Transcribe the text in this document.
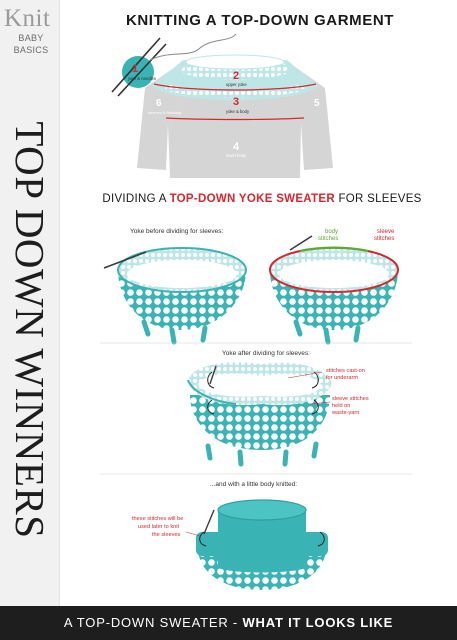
Knit
BABY
BASICS
TOP DOWN WINNERS
KNITTING A TOP-DOWN GARMENT
1
yarn & needles	2
upper yoke
3
yoke & body
4
lower body
5
6
sleeves & finishing
Yoke before dividing for sleeves:	body
stitches
sleeve
stitches
Yoke after dividing for sleeves:
stitches cast-on
for underarm
sleeve stitches
held on
waste-yarn
...and with a little body knitted:
these stitches will be
used later to knit
the sleeves
DIVIDING A TOP-DOWN YOKE SWEATER FOR SLEEVES
A TOP-DOWN SWEATER - WHAT IT LOOKS LIKE
